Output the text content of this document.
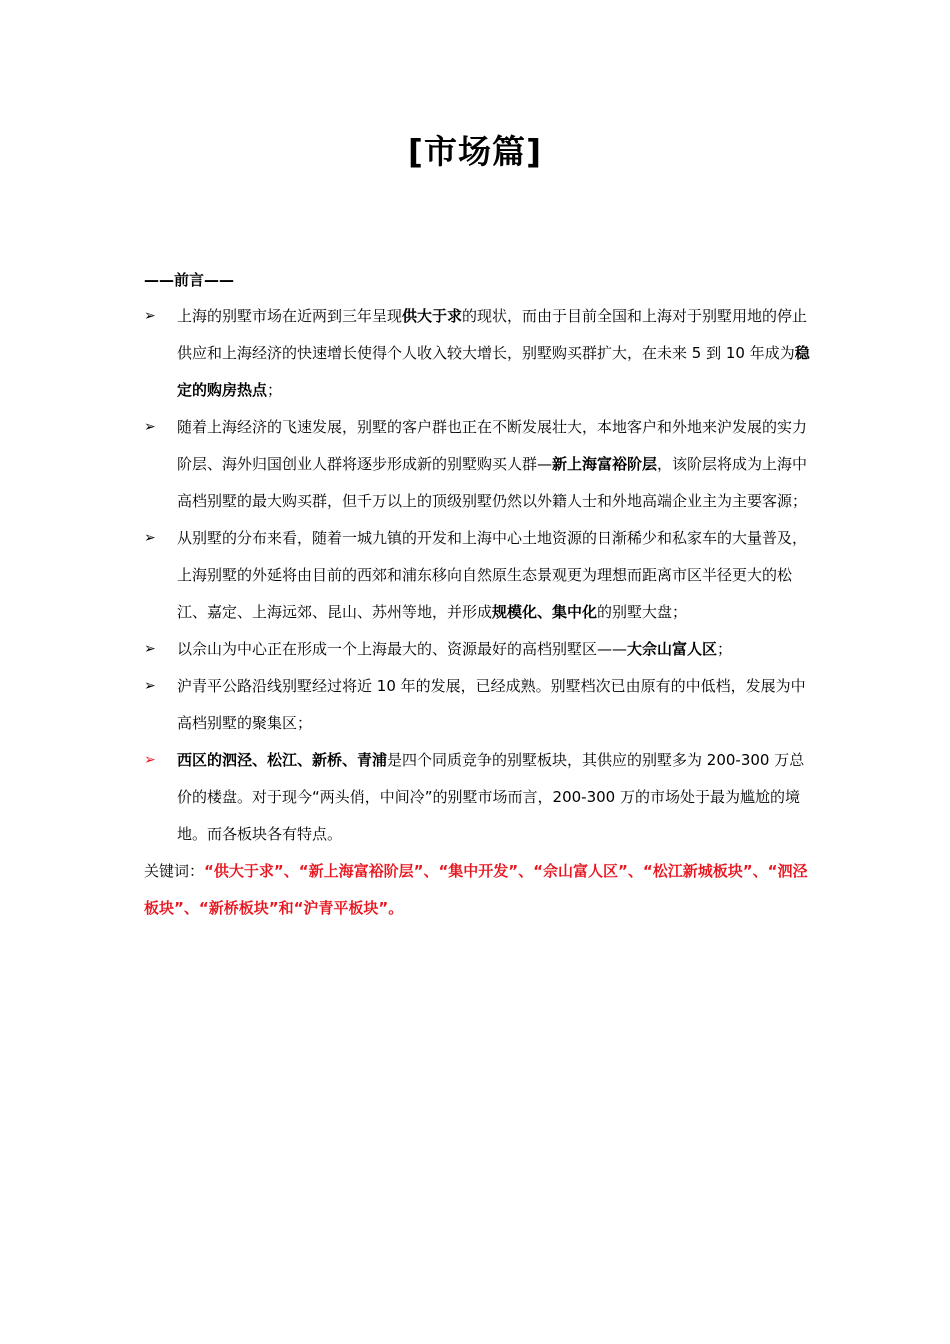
[市场篇]
——前言——

➢ 上海的别墅市场在近两到三年呈现供大于求的现状，而由于目前全国和上海对于别墅用地的停止供应和上海经济的快速增长使得个人收入较大增长，别墅购买群扩大，在未来 5 到 10 年成为稳定的购房热点；

➢ 随着上海经济的飞速发展，别墅的客户群也正在不断发展壮大，本地客户和外地来沪发展的实力阶层、海外归国创业人群将逐步形成新的别墅购买人群—新上海富裕阶层，该阶层将成为上海中高档别墅的最大购买群，但千万以上的顶级别墅仍然以外籍人士和外地高端企业主为主要客源；

➢ 从别墅的分布来看，随着一城九镇的开发和上海中心土地资源的日渐稀少和私家车的大量普及，上海别墅的外延将由目前的西郊和浦东移向自然原生态景观更为理想而距离市区半径更大的松江、嘉定、上海远郊、昆山、苏州等地，并形成规模化、集中化的别墅大盘；

➢ 以佘山为中心正在形成一个上海最大的、资源最好的高档别墅区——大佘山富人区；

➢ 沪青平公路沿线别墅经过将近 10 年的发展，已经成熟。别墅档次已由原有的中低档，发展为中高档别墅的聚集区；

➢ 西区的泗泾、松江、新桥、青浦是四个同质竞争的别墅板块，其供应的别墅多为 200-300 万总价的楼盘。对于现今“两头俏，中间冷”的别墅市场而言，200-300 万的市场处于最为尴尬的境地。而各板块各有特点。

关键词：“供大于求”、“新上海富裕阶层”、“集中开发”、“佘山富人区”、“松江新城板块”、“泗泾板块”、“新桥板块”和“沪青平板块”。
